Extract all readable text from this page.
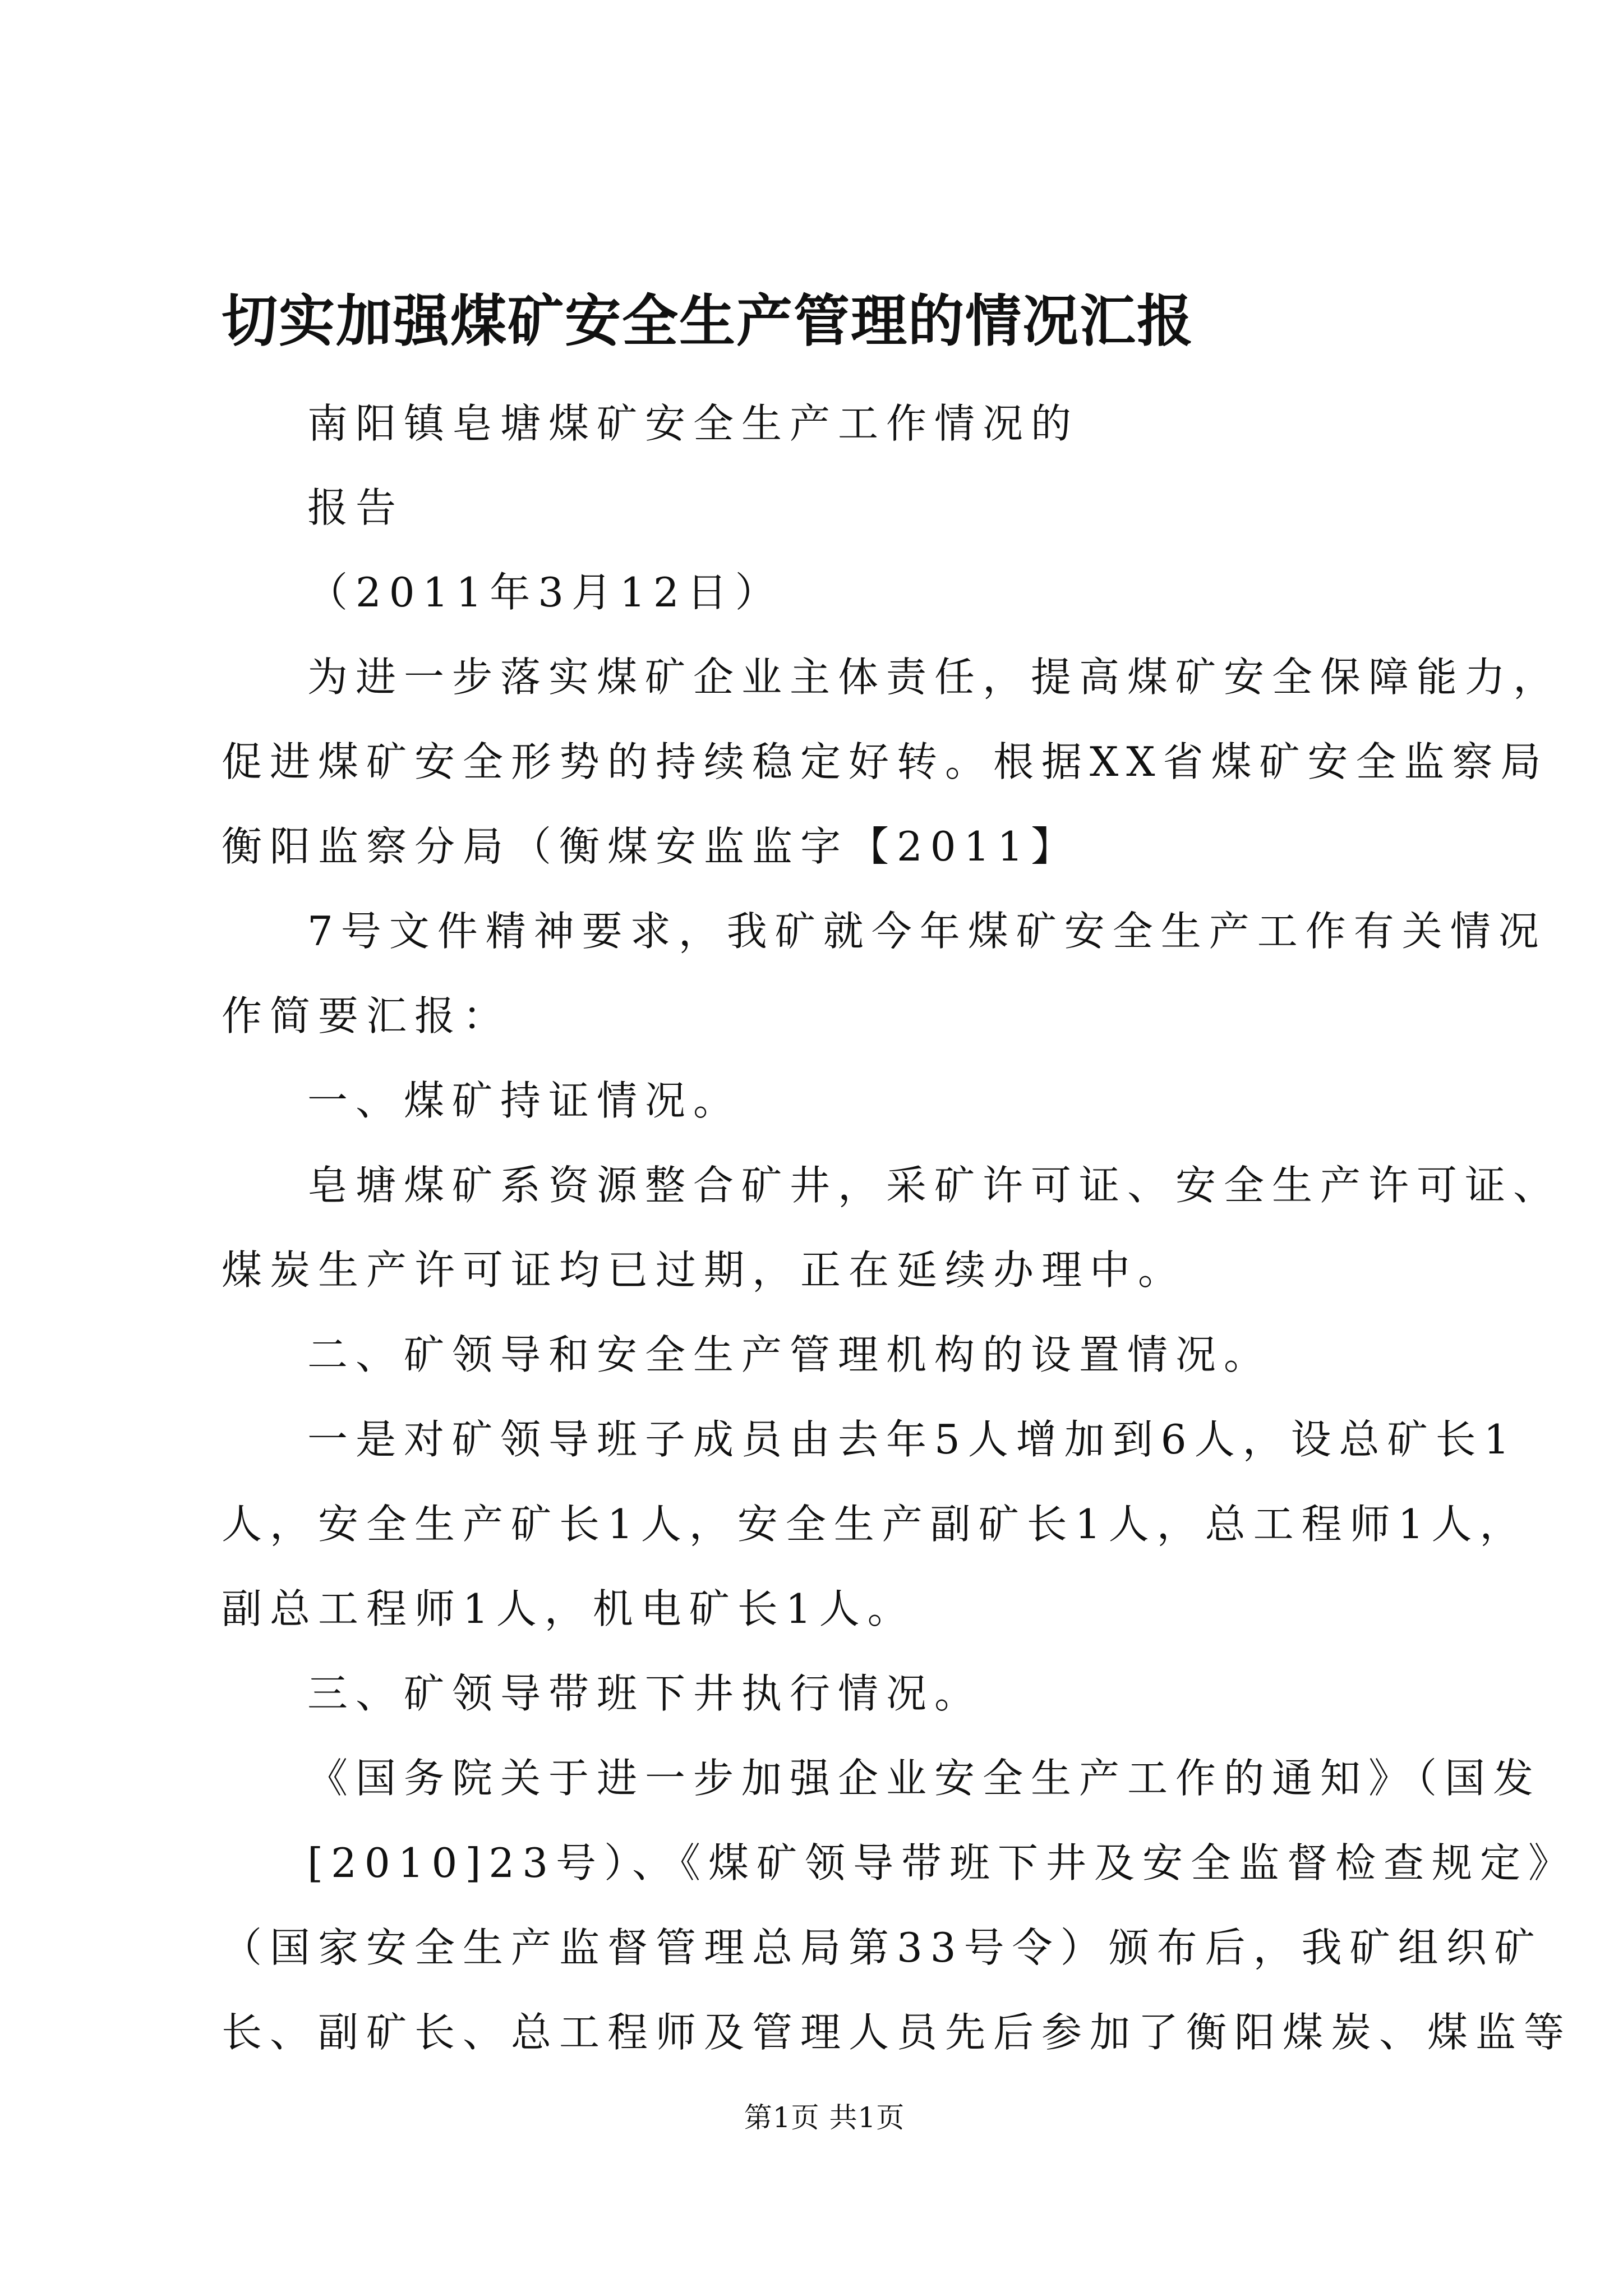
切实加强煤矿安全生产管理的情况汇报
南阳镇皂塘煤矿安全生产工作情况的
报告
（2011年3月12日）
为进一步落实煤矿企业主体责任，提高煤矿安全保障能力，
促进煤矿安全形势的持续稳定好转。根据XX省煤矿安全监察局
衡阳监察分局（衡煤安监监字【2011】
7号文件精神要求，我矿就今年煤矿安全生产工作有关情况
作简要汇报：
一、煤矿持证情况。
皂塘煤矿系资源整合矿井，采矿许可证、安全生产许可证、
煤炭生产许可证均已过期，正在延续办理中。
二、矿领导和安全生产管理机构的设置情况。
一是对矿领导班子成员由去年5人增加到6人，设总矿长1
人，安全生产矿长1人，安全生产副矿长1人，总工程师1人，
副总工程师1人，机电矿长1人。
三、矿领导带班下井执行情况。
《国务院关于进一步加强企业安全生产工作的通知》（国发
[2010]23号）、《煤矿领导带班下井及安全监督检查规定》
（国家安全生产监督管理总局第33号令）颁布后，我矿组织矿
长、副矿长、总工程师及管理人员先后参加了衡阳煤炭、煤监等
第1页 共1页
